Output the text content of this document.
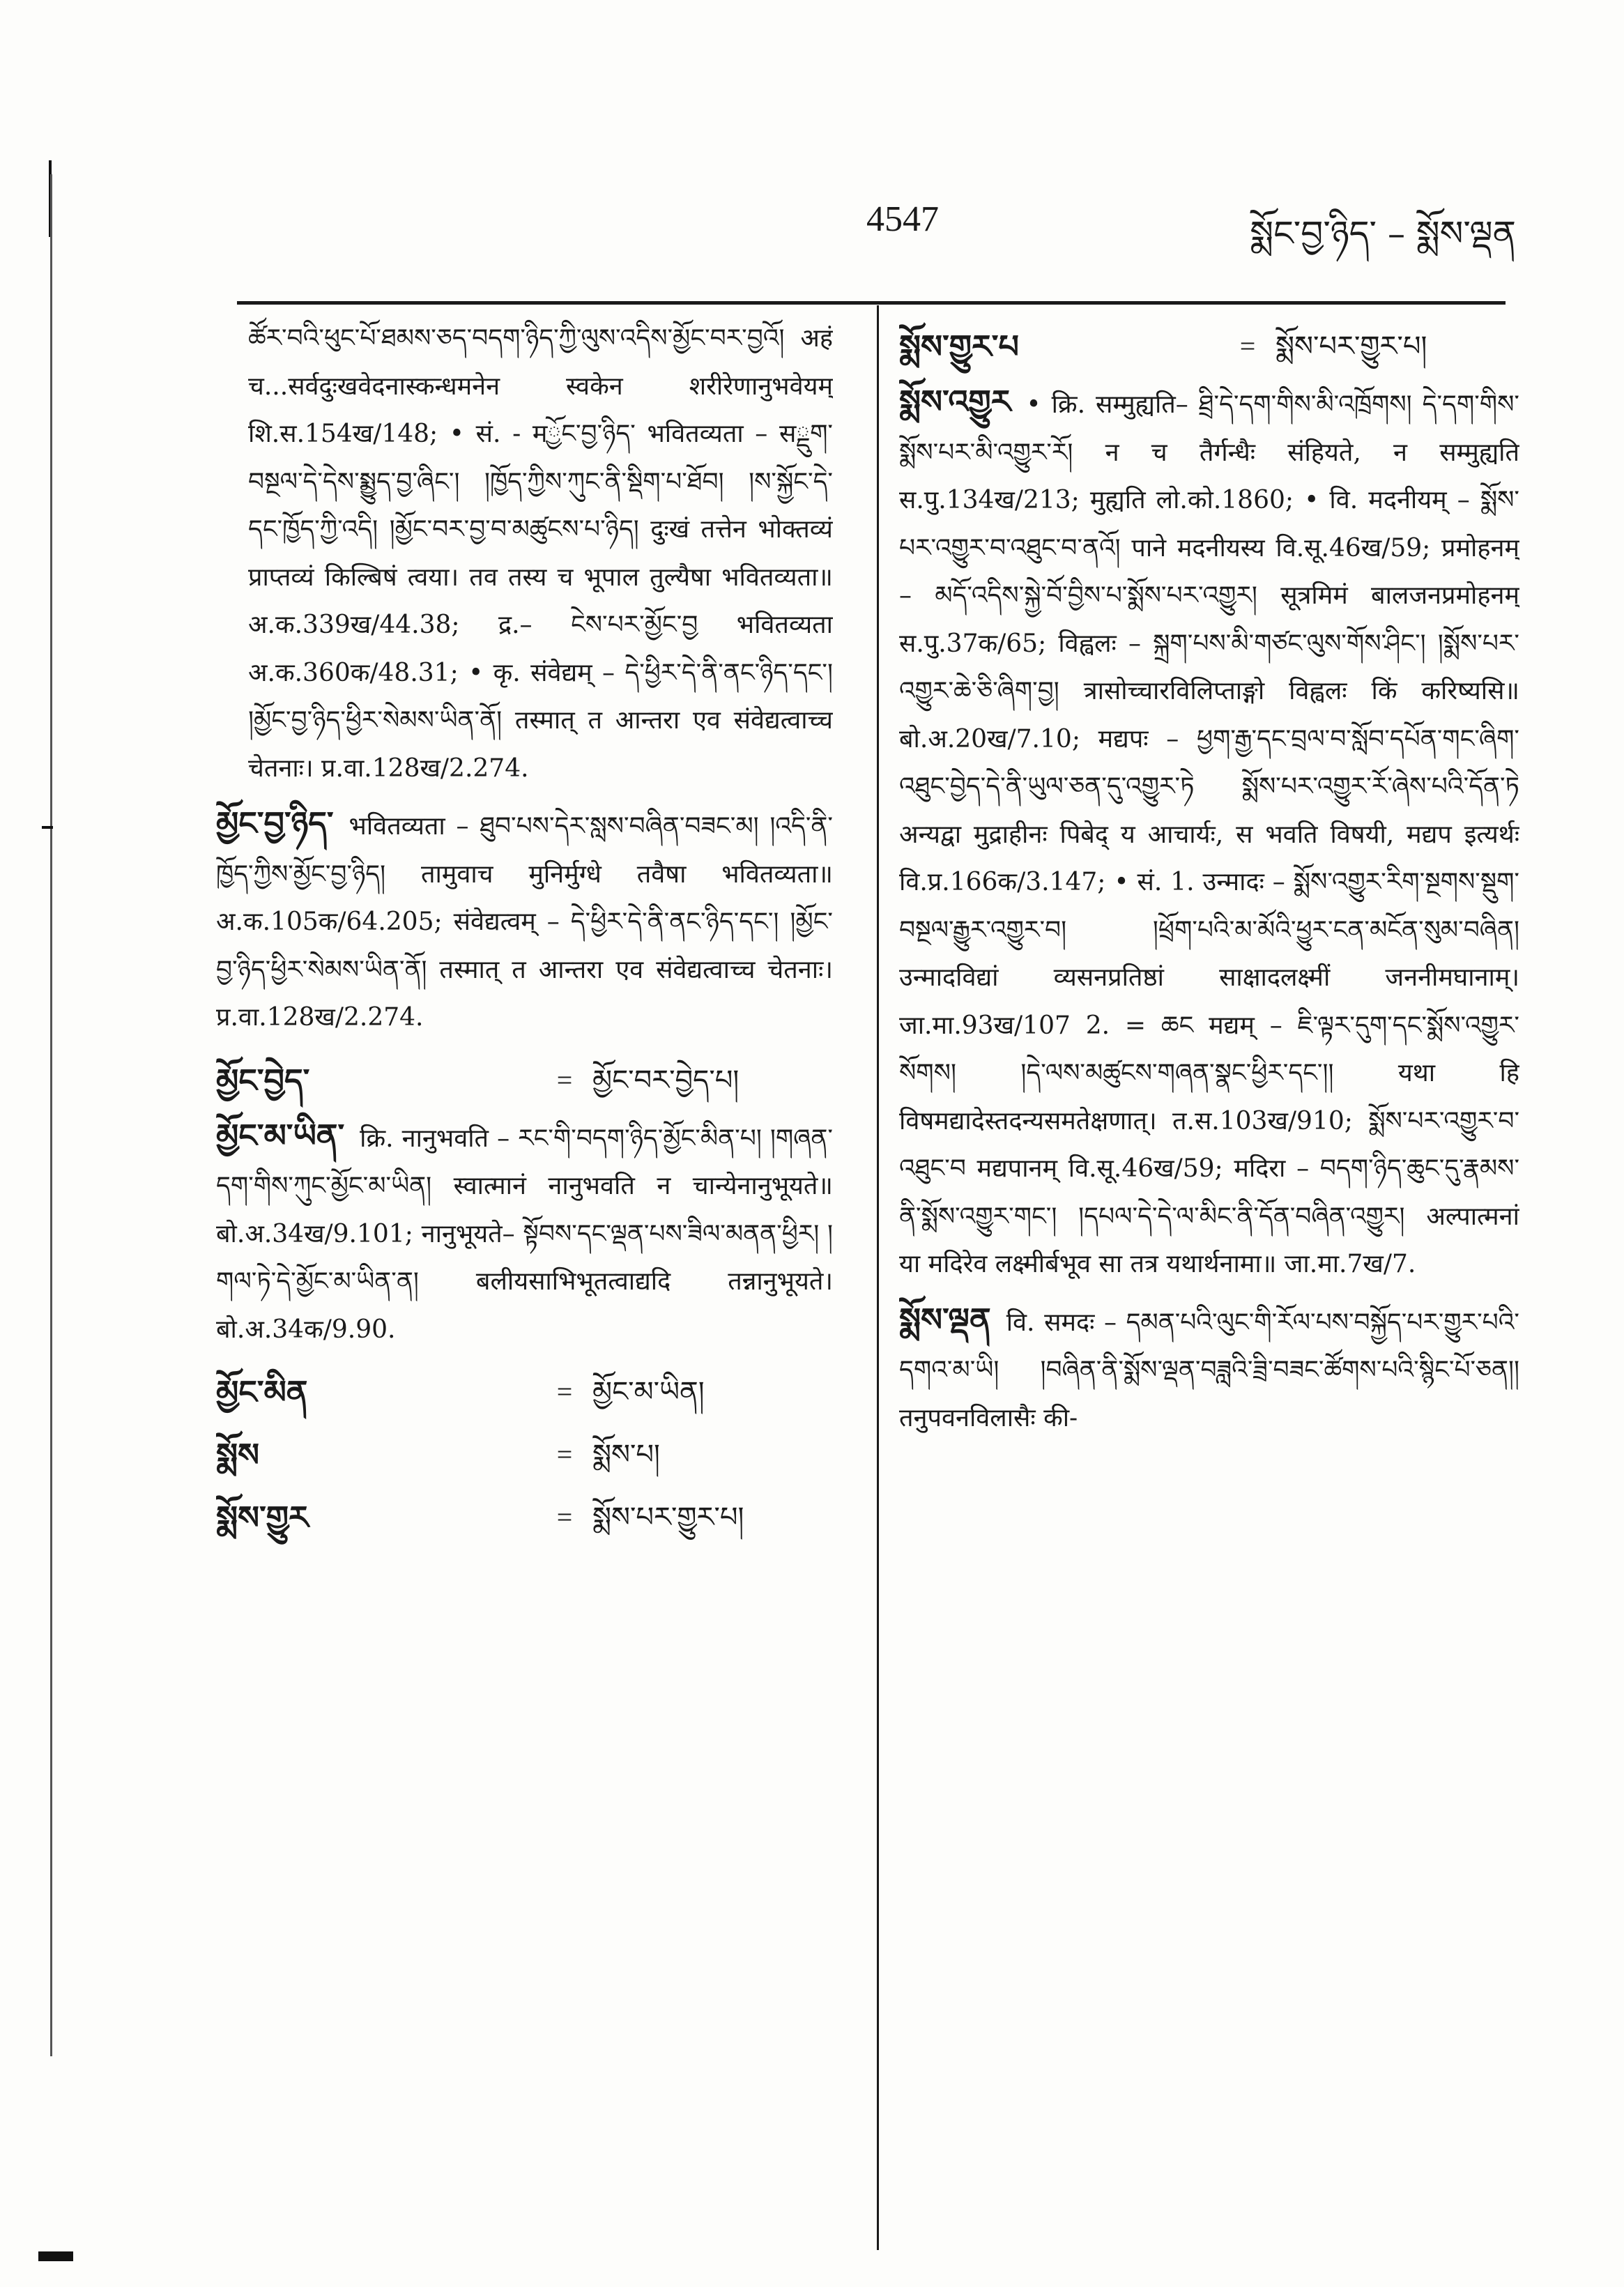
4547	སྨོང་བྱ་ཉིད་ – སྨོས་ལྡན
ཚོར་བའི་ཕུང་པོ་ཐམས་ཅད་བདག་ཉིད་ཀྱི་ལུས་འདིས་མྱོང་བར་བྱའོ། अहं च...सर्वदुःखवेदनास्कन्धमनेन स्वकेन शरीरेणानुभवेयम् शि.स.154ख/148; • सं. - मྱོང་བྱ་ཉིད་ भवितव्यता – सྡུག་བསྔལ་དེ་དེས་སྨྱུད་བྱ་ཞིང་། །ཁྱོད་ཀྱིས་ཀུང་ནི་སྡིག་པ་ཐོབ། །ས་སྐྱོང་དེ་དང་ཁྱོད་ཀྱི་འདི། །མྱོང་བར་བྱ་བ་མཚུངས་པ་ཉིད། दुःखं तत्तेन भोक्तव्यं प्राप्तव्यं किल्बिषं त्वया। तव तस्य च भूपाल तुल्यैषा भवितव्यता॥ अ.क.339ख/44.38; द्र.– ངེས་པར་མྱོང་བྱ भवितव्यता अ.क.360क/48.31; • कृ. संवेद्यम् – དེ་ཕྱིར་དེ་ནི་ནང་ཉིད་དང་། །མྱོང་བྱ་ཉིད་ཕྱིར་སེམས་ཡིན་ནོ། तस्मात् त आन्तरा एव संवेद्यत्वाच्च चेतनाः। प्र.वा.128ख/2.274.
མྱོང་བྱ་ཉིད་ भवितव्यता – ཐུབ་པས་དེར་སླས་བཞིན་བཟང་མ། །འདི་ནི་ཁྱོད་ཀྱིས་མྱོང་བྱ་ཉིད། तामुवाच मुनिर्मुग्धे तवैषा भवितव्यता॥ अ.क.105क/64.205; संवेद्यत्वम् – དེ་ཕྱིར་དེ་ནི་ནང་ཉིད་དང་། །མྱོང་བྱ་ཉིད་ཕྱིར་སེམས་ཡིན་ནོ། तस्मात् त आन्तरा एव संवेद्यत्वाच्च चेतनाः। प्र.वा.128ख/2.274.
མྱོང་བྱེད་	= མྱོང་བར་བྱེད་པ།
མྱོང་མ་ཡིན་ क्रि. नानुभवति – རང་གི་བདག་ཉིད་མྱོང་མིན་པ། །གཞན་དག་གིས་ཀུང་མྱོང་མ་ཡིན། स्वात्मानं नानुभवति न चान्येनानुभूयते॥ बो.अ.34ख/9.101; नानुभूयते– སྟོབས་དང་ལྡན་པས་ཟིལ་མནན་ཕྱིར། །གལ་ཏེ་དེ་མྱོང་མ་ཡིན་ན། बलीयसाभिभूतत्वाद्यदि तन्नानुभूयते। बो.अ.34क/9.90.
མྱོང་མིན	= མྱོང་མ་ཡིན།
སྨོས	= སྨོས་པ།
སྨོས་གྱུར	= སྨོས་པར་གྱུར་པ།
སྨོས་གྱུར་པ	= སྨོས་པར་གྱུར་པ།
སྨོས་འགྱུར • क्रि. सम्मुह्यति– ཐྲི་དེ་དག་གིས་མི་འཁྲོགས། དེ་དག་གིས་སྨོས་པར་མི་འགྱུར་རོ། न च तैर्गन्धैः संहियते, न सम्मुह्यति स.पु.134ख/213; मुह्यति लो.को.1860; • वि. मदनीयम् – སྨོས་པར་འགྱུར་བ་འཐུང་བ་ནའོ། पाने मदनीयस्य वि.सू.46ख/59; प्रमोहनम् – མདོ་འདིས་སྐྱེ་བོ་བྱིས་པ་སྨོས་པར་འགྱུར། सूत्रमिमं बालजनप्रमोहनम् स.पु.37क/65; विह्वलः – སྐྲག་པས་མི་གཙང་ལུས་གོས་ཤིང་། །སྨོས་པར་འགྱུར་ཆེ་ཅི་ཞིག་བྱ། त्रासोच्चारविलिप्ताङ्गो विह्वलः किं करिष्यसि॥ बो.अ.20ख/7.10; मद्यपः – ཕྱག་རྒྱ་དང་བྲལ་བ་སློབ་དཔོན་གང་ཞིག་འཐུང་བྱེད་དེ་ནི་ཡུལ་ཅན་དུ་འགྱུར་ཏེ སྨོས་པར་འགྱུར་རོ་ཞེས་པའི་དོན་ཏེ अन्यद्वा मुद्राहीनः पिबेद् य आचार्यः, स भवति विषयी, मद्यप इत्यर्थः वि.प्र.166क/3.147; • सं. 1. उन्मादः – སྨོས་འགྱུར་རིག་སྔགས་སྡུག་བསྔལ་རྒྱུར་འགྱུར་བ། །ཕྲོག་པའི་མ་མོའི་ཕྱུར་ངན་མངོན་སུམ་བཞིན། उन्मादविद्यां व्यसनप्रतिष्ठां साक्षादलक्ष्मीं जननीमघानाम्। जा.मा.93ख/107 2. = ཆང मद्यम् – ཇི་ལྟར་དུག་དང་སྨོས་འགྱུར་སོགས། །དེ་ལས་མཚུངས་གཞན་སྣང་ཕྱིར་དང་།། यथा हि विषमद्यादेस्तदन्यसमतेक्षणात्। त.स.103ख/910; སྨོས་པར་འགྱུར་བ་འཐུང་བ मद्यपानम् वि.सू.46ख/59; मदिरा – བདག་ཉིད་ཆུང་དུ་རྣམས་ནི་སྨོས་འགྱུར་གང་། །དཔལ་དེ་དེ་ལ་མིང་ནི་དོན་བཞིན་འགྱུར། अल्पात्मनां या मदिरेव लक्ष्मीर्बभूव सा तत्र यथार्थनामा॥ जा.मा.7ख/7.
སྨོས་ལྡན वि. समदः – དམན་པའི་ལུང་གི་རོལ་པས་བསྐྱོད་པར་གྱུར་པའི་དགའ་མ་ཡི། །བཞིན་ནི་སྨོས་ལྡན་བཟླའི་ཟྲི་བཟང་ཚོགས་པའི་སྙིང་པོ་ཅན།། तनुपवनविलासैः की-
